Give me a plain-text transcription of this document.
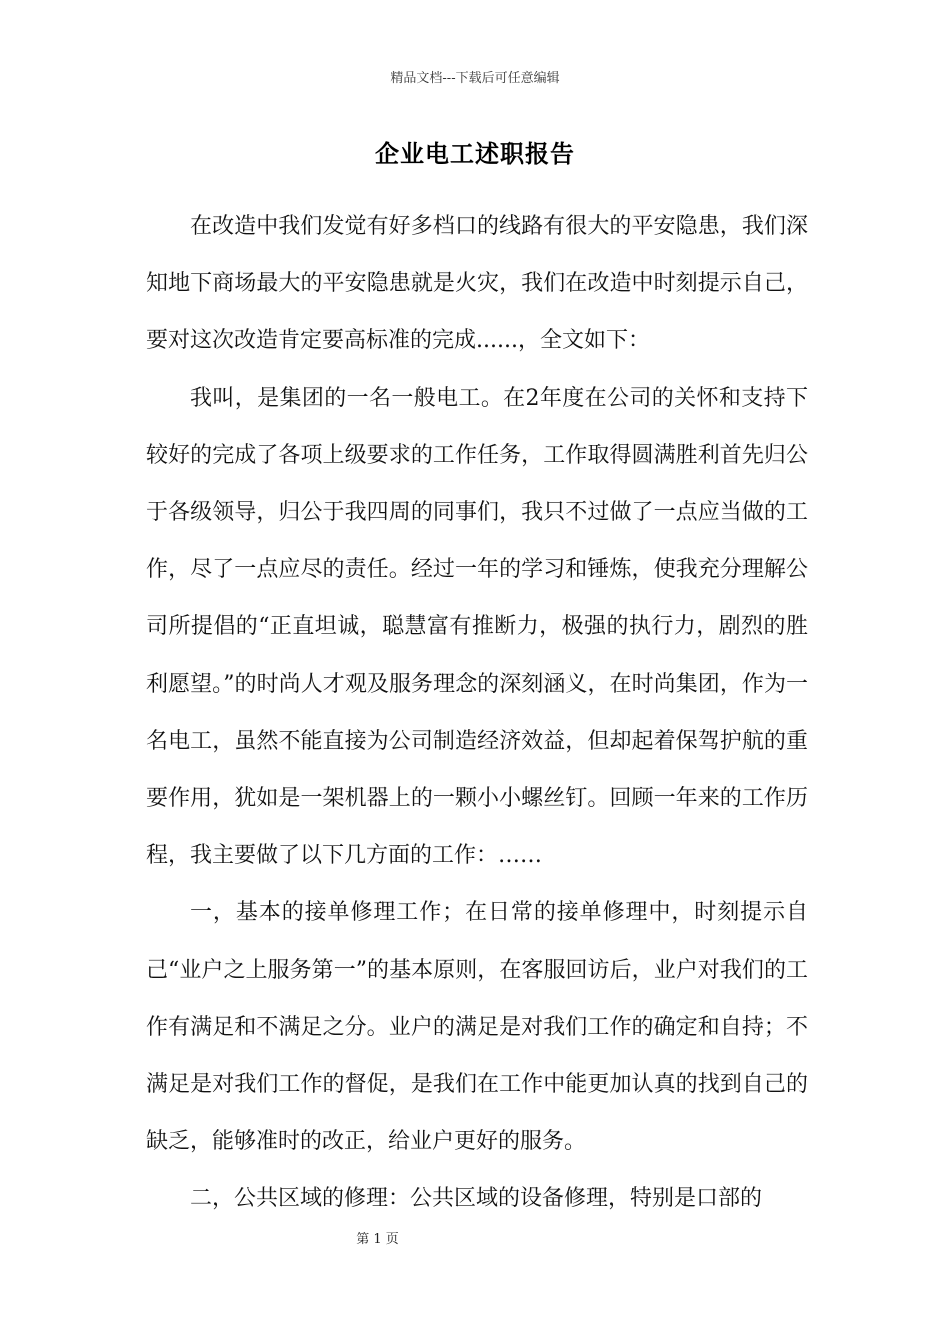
精品文档---下载后可任意编辑
企业电工述职报告

在改造中我们发觉有好多档口的线路有很大的平安隐患，我们深知地下商场最大的平安隐患就是火灾，我们在改造中时刻提示自己，要对这次改造肯定要高标准的完成......，全文如下：

我叫，是集团的一名一般电工。在2年度在公司的关怀和支持下较好的完成了各项上级要求的工作任务，工作取得圆满胜利首先归公于各级领导，归公于我四周的同事们，我只不过做了一点应当做的工作，尽了一点应尽的责任。经过一年的学习和锤炼，使我充分理解公司所提倡的“正直坦诚，聪慧富有推断力，极强的执行力，剧烈的胜利愿望。”的时尚人才观及服务理念的深刻涵义，在时尚集团，作为一名电工，虽然不能直接为公司制造经济效益，但却起着保驾护航的重要作用，犹如是一架机器上的一颗小小螺丝钉。回顾一年来的工作历程，我主要做了以下几方面的工作：……

一，基本的接单修理工作；在日常的接单修理中，时刻提示自己“业户之上服务第一”的基本原则，在客服回访后，业户对我们的工作有满足和不满足之分。业户的满足是对我们工作的确定和自持；不满足是对我们工作的督促，是我们在工作中能更加认真的找到自己的缺乏，能够准时的改正，给业户更好的服务。

二，公共区域的修理：公共区域的设备修理，特别是口部的

第 1 页
